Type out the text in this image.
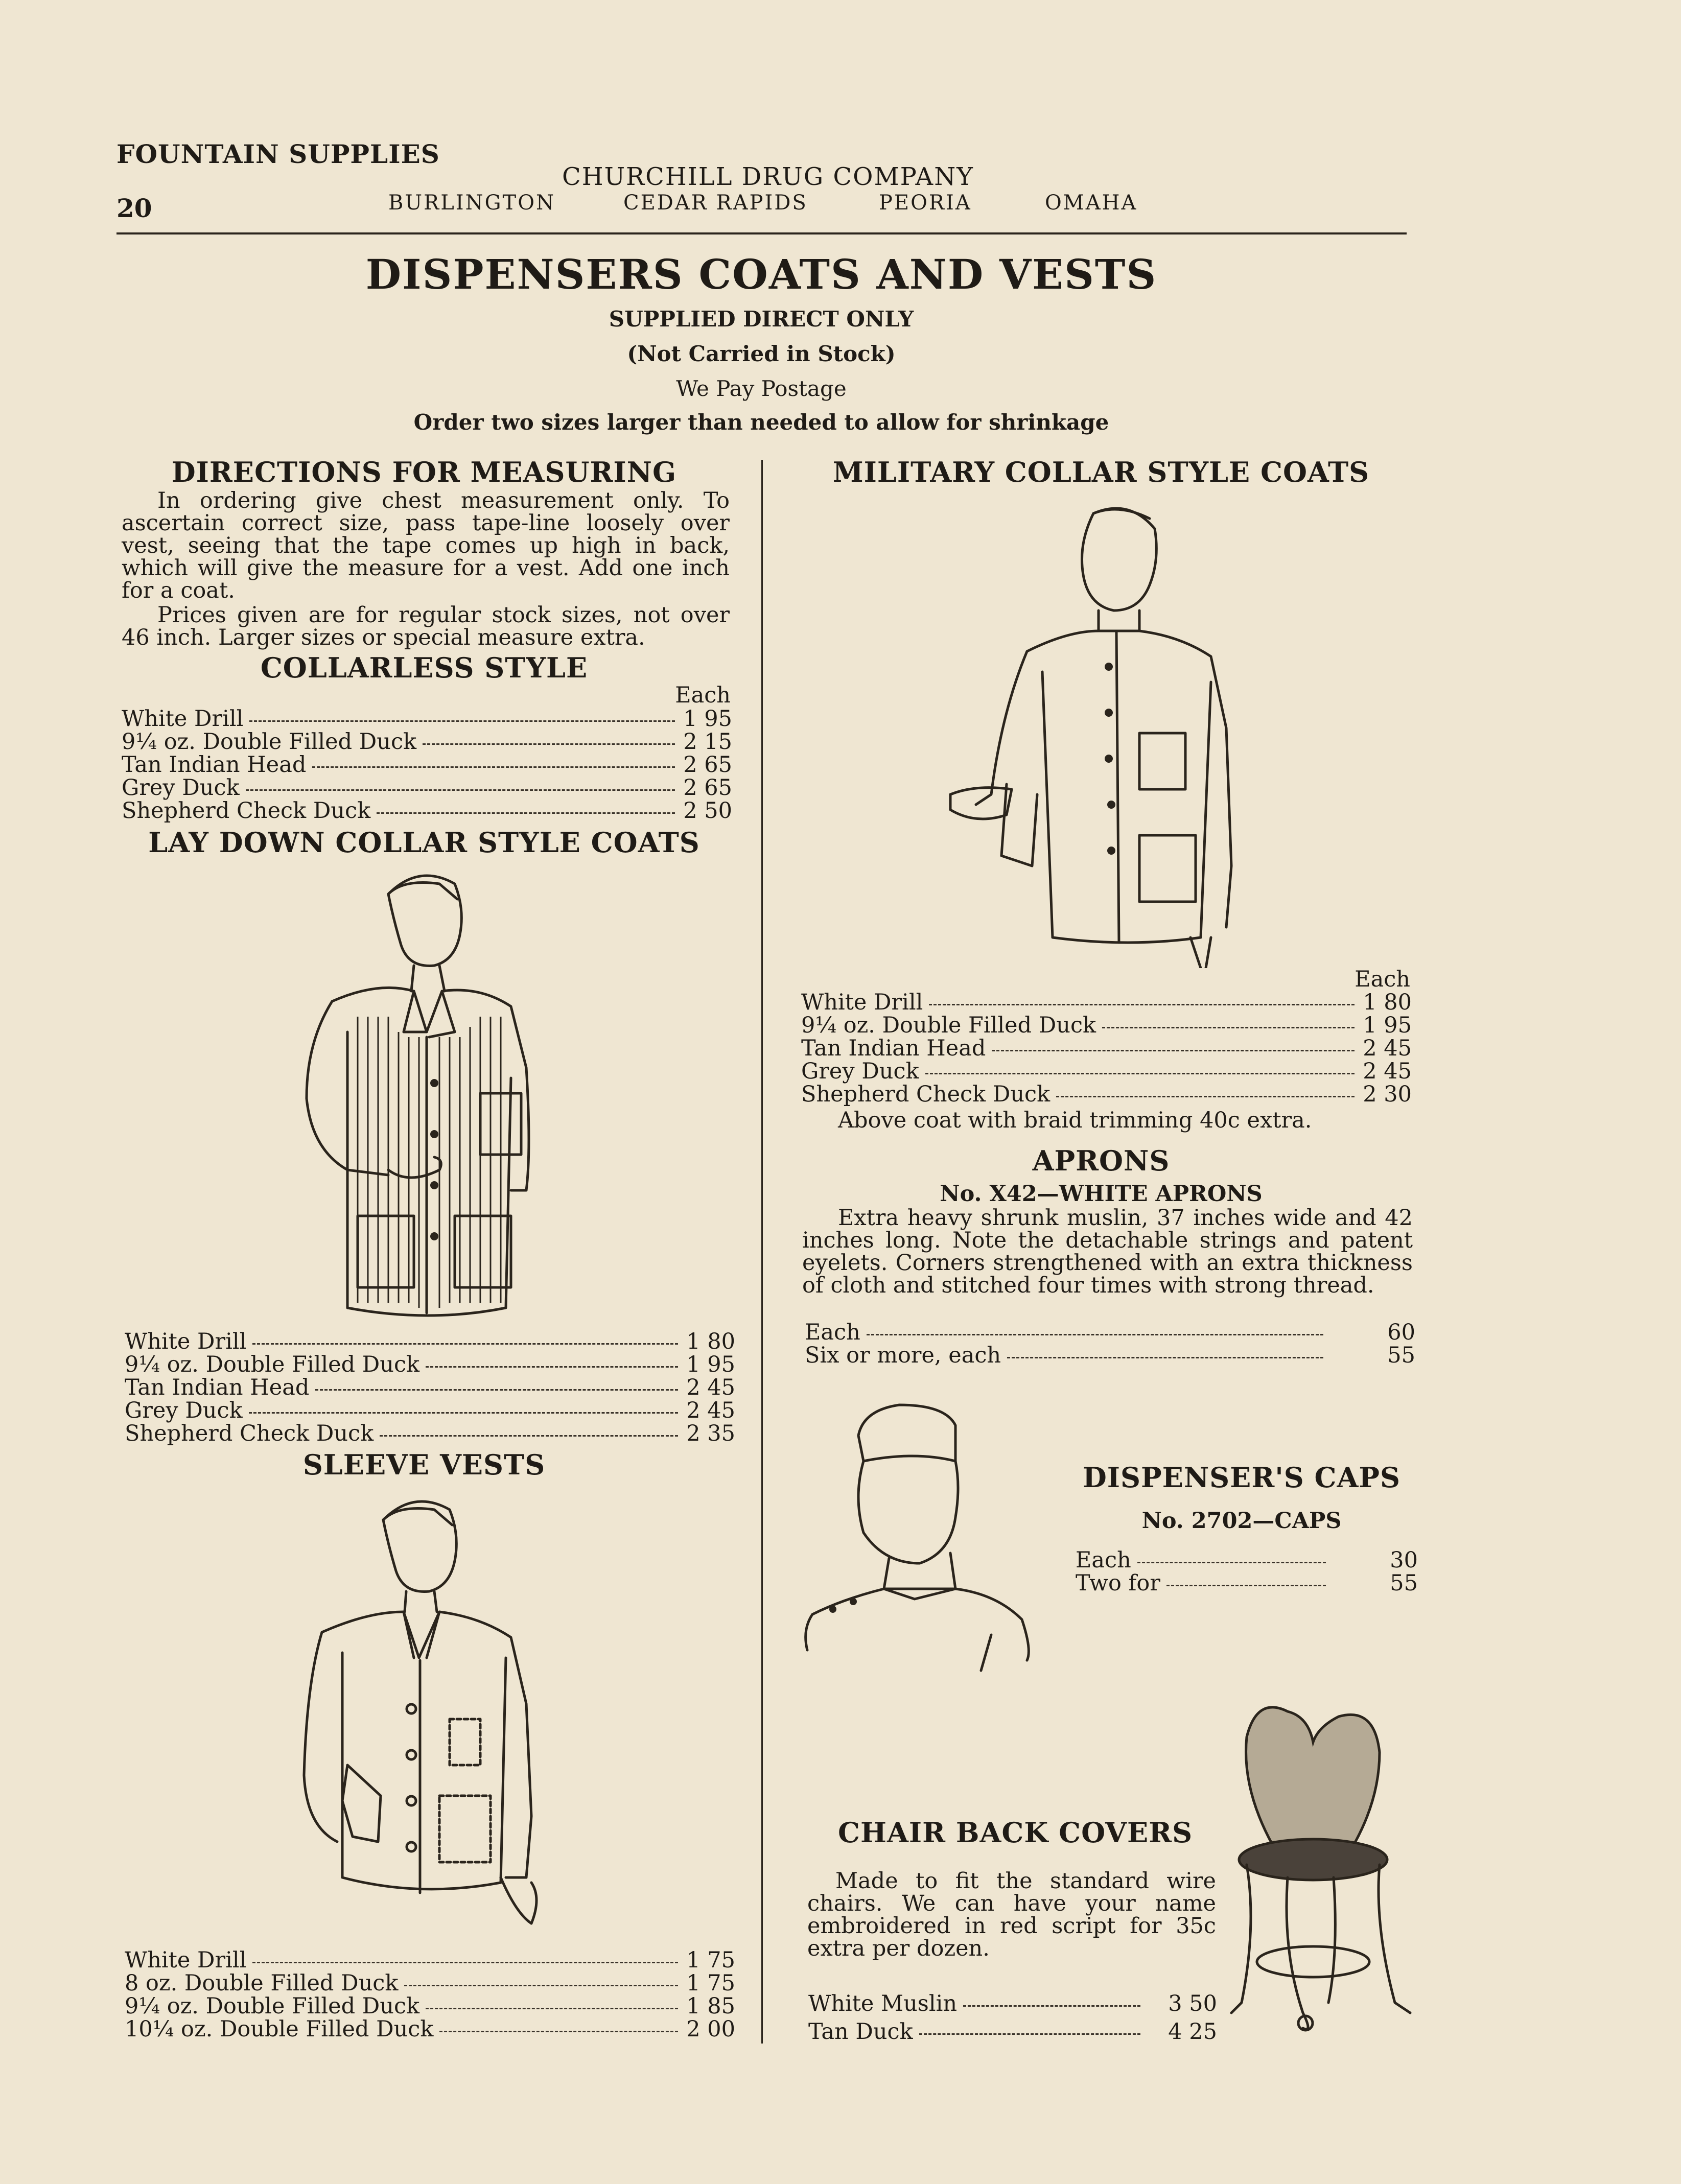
FOUNTAIN SUPPLIES
20
CHURCHILL DRUG COMPANY
BURLINGTON	CEDAR RAPIDS	PEORIA	OMAHA
DISPENSERS COATS AND VESTS
SUPPLIED DIRECT ONLY
(Not Carried in Stock)
We Pay Postage
Order two sizes larger than needed to allow for shrinkage
DIRECTIONS FOR MEASURING
In ordering give chest measurement only. To ascertain correct size, pass tape-line loosely over vest, seeing that the tape comes up high in back, which will give the measure for a vest. Add one inch for a coat.
Prices given are for regular stock sizes, not over 46 inch. Larger sizes or special measure extra.
COLLARLESS STYLE
Each
White Drill	1 95
9¼ oz. Double Filled Duck	2 15
Tan Indian Head	2 65
Grey Duck	2 65
Shepherd Check Duck	2 50
LAY DOWN COLLAR STYLE COATS
White Drill	1 80
9¼ oz. Double Filled Duck	1 95
Tan Indian Head	2 45
Grey Duck	2 45
Shepherd Check Duck	2 35
SLEEVE VESTS
White Drill	1 75
8 oz. Double Filled Duck	1 75
9¼ oz. Double Filled Duck	1 85
10¼ oz. Double Filled Duck	2 00
MILITARY COLLAR STYLE COATS
Each
White Drill	1 80
9¼ oz. Double Filled Duck	1 95
Tan Indian Head	2 45
Grey Duck	2 45
Shepherd Check Duck	2 30
Above coat with braid trimming 40c extra.
APRONS
No. X42—WHITE APRONS
Extra heavy shrunk muslin, 37 inches wide and 42 inches long. Note the detachable strings and patent eyelets. Corners strengthened with an extra thickness of cloth and stitched four times with strong thread.
Each	60
Six or more, each	55
DISPENSER'S CAPS
No. 2702—CAPS
Each	30
Two for	55
CHAIR BACK COVERS
Made to fit the standard wire chairs. We can have your name embroidered in red script for 35c extra per dozen.
White Muslin	3 50
Tan Duck	4 25
